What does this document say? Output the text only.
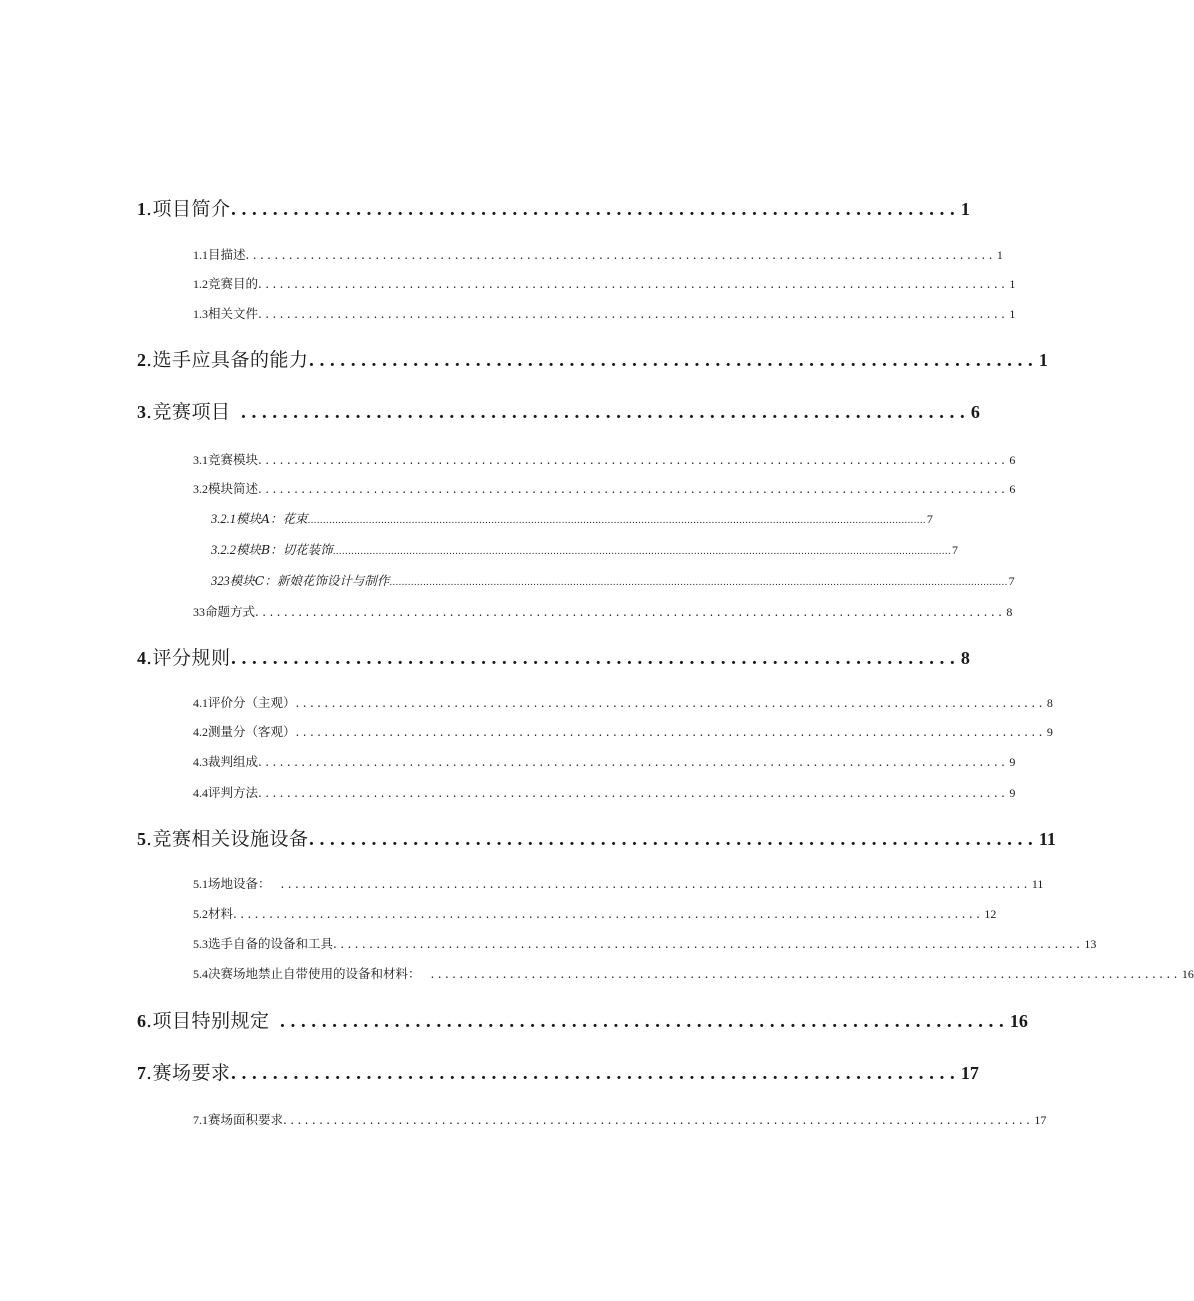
1 .项目简介 ...................................................................... 1
1.1 目描述 ........................................................................................................ 1
1.2 竞赛目的 ........................................................................................................ 1
1.3 相关文件 ........................................................................................................ 1
2 .选手应具备的能力 ...................................................................... 1
3 .竞赛项目 ...................................................................... 6
3.1 竞赛模块 ........................................................................................................ 6
3.2 模块简述 ........................................................................................................ 6
3.2.1 模块A：花束 .......................................................................................................................................................................................................... 7
3.2.2 模块B：切花装饰 .......................................................................................................................................................................................................... 7
323 模块C：新娘花饰设计与制作 .......................................................................................................................................................................................................... 7
33 命题方式 ........................................................................................................ 8
4 .评分规则 ...................................................................... 8
4.1 评价分（主观） ........................................................................................................ 8
4.2 测量分（客观） ........................................................................................................ 9
4.3 裁判组成 ........................................................................................................ 9
4.4 评判方法 ........................................................................................................ 9
5 .竞赛相关设施设备 ...................................................................... 11
5.1 场地设备： ........................................................................................................ 11
5.2 材料 ........................................................................................................ 12
5.3 选手自备的设备和工具 ........................................................................................................ 13
5.4 决赛场地禁止自带使用的设备和材料： ........................................................................................................ 16
6 .项目特别规定 ...................................................................... 16
7 .赛场要求 ...................................................................... 17
7.1 赛场面积要求 ........................................................................................................ 17
